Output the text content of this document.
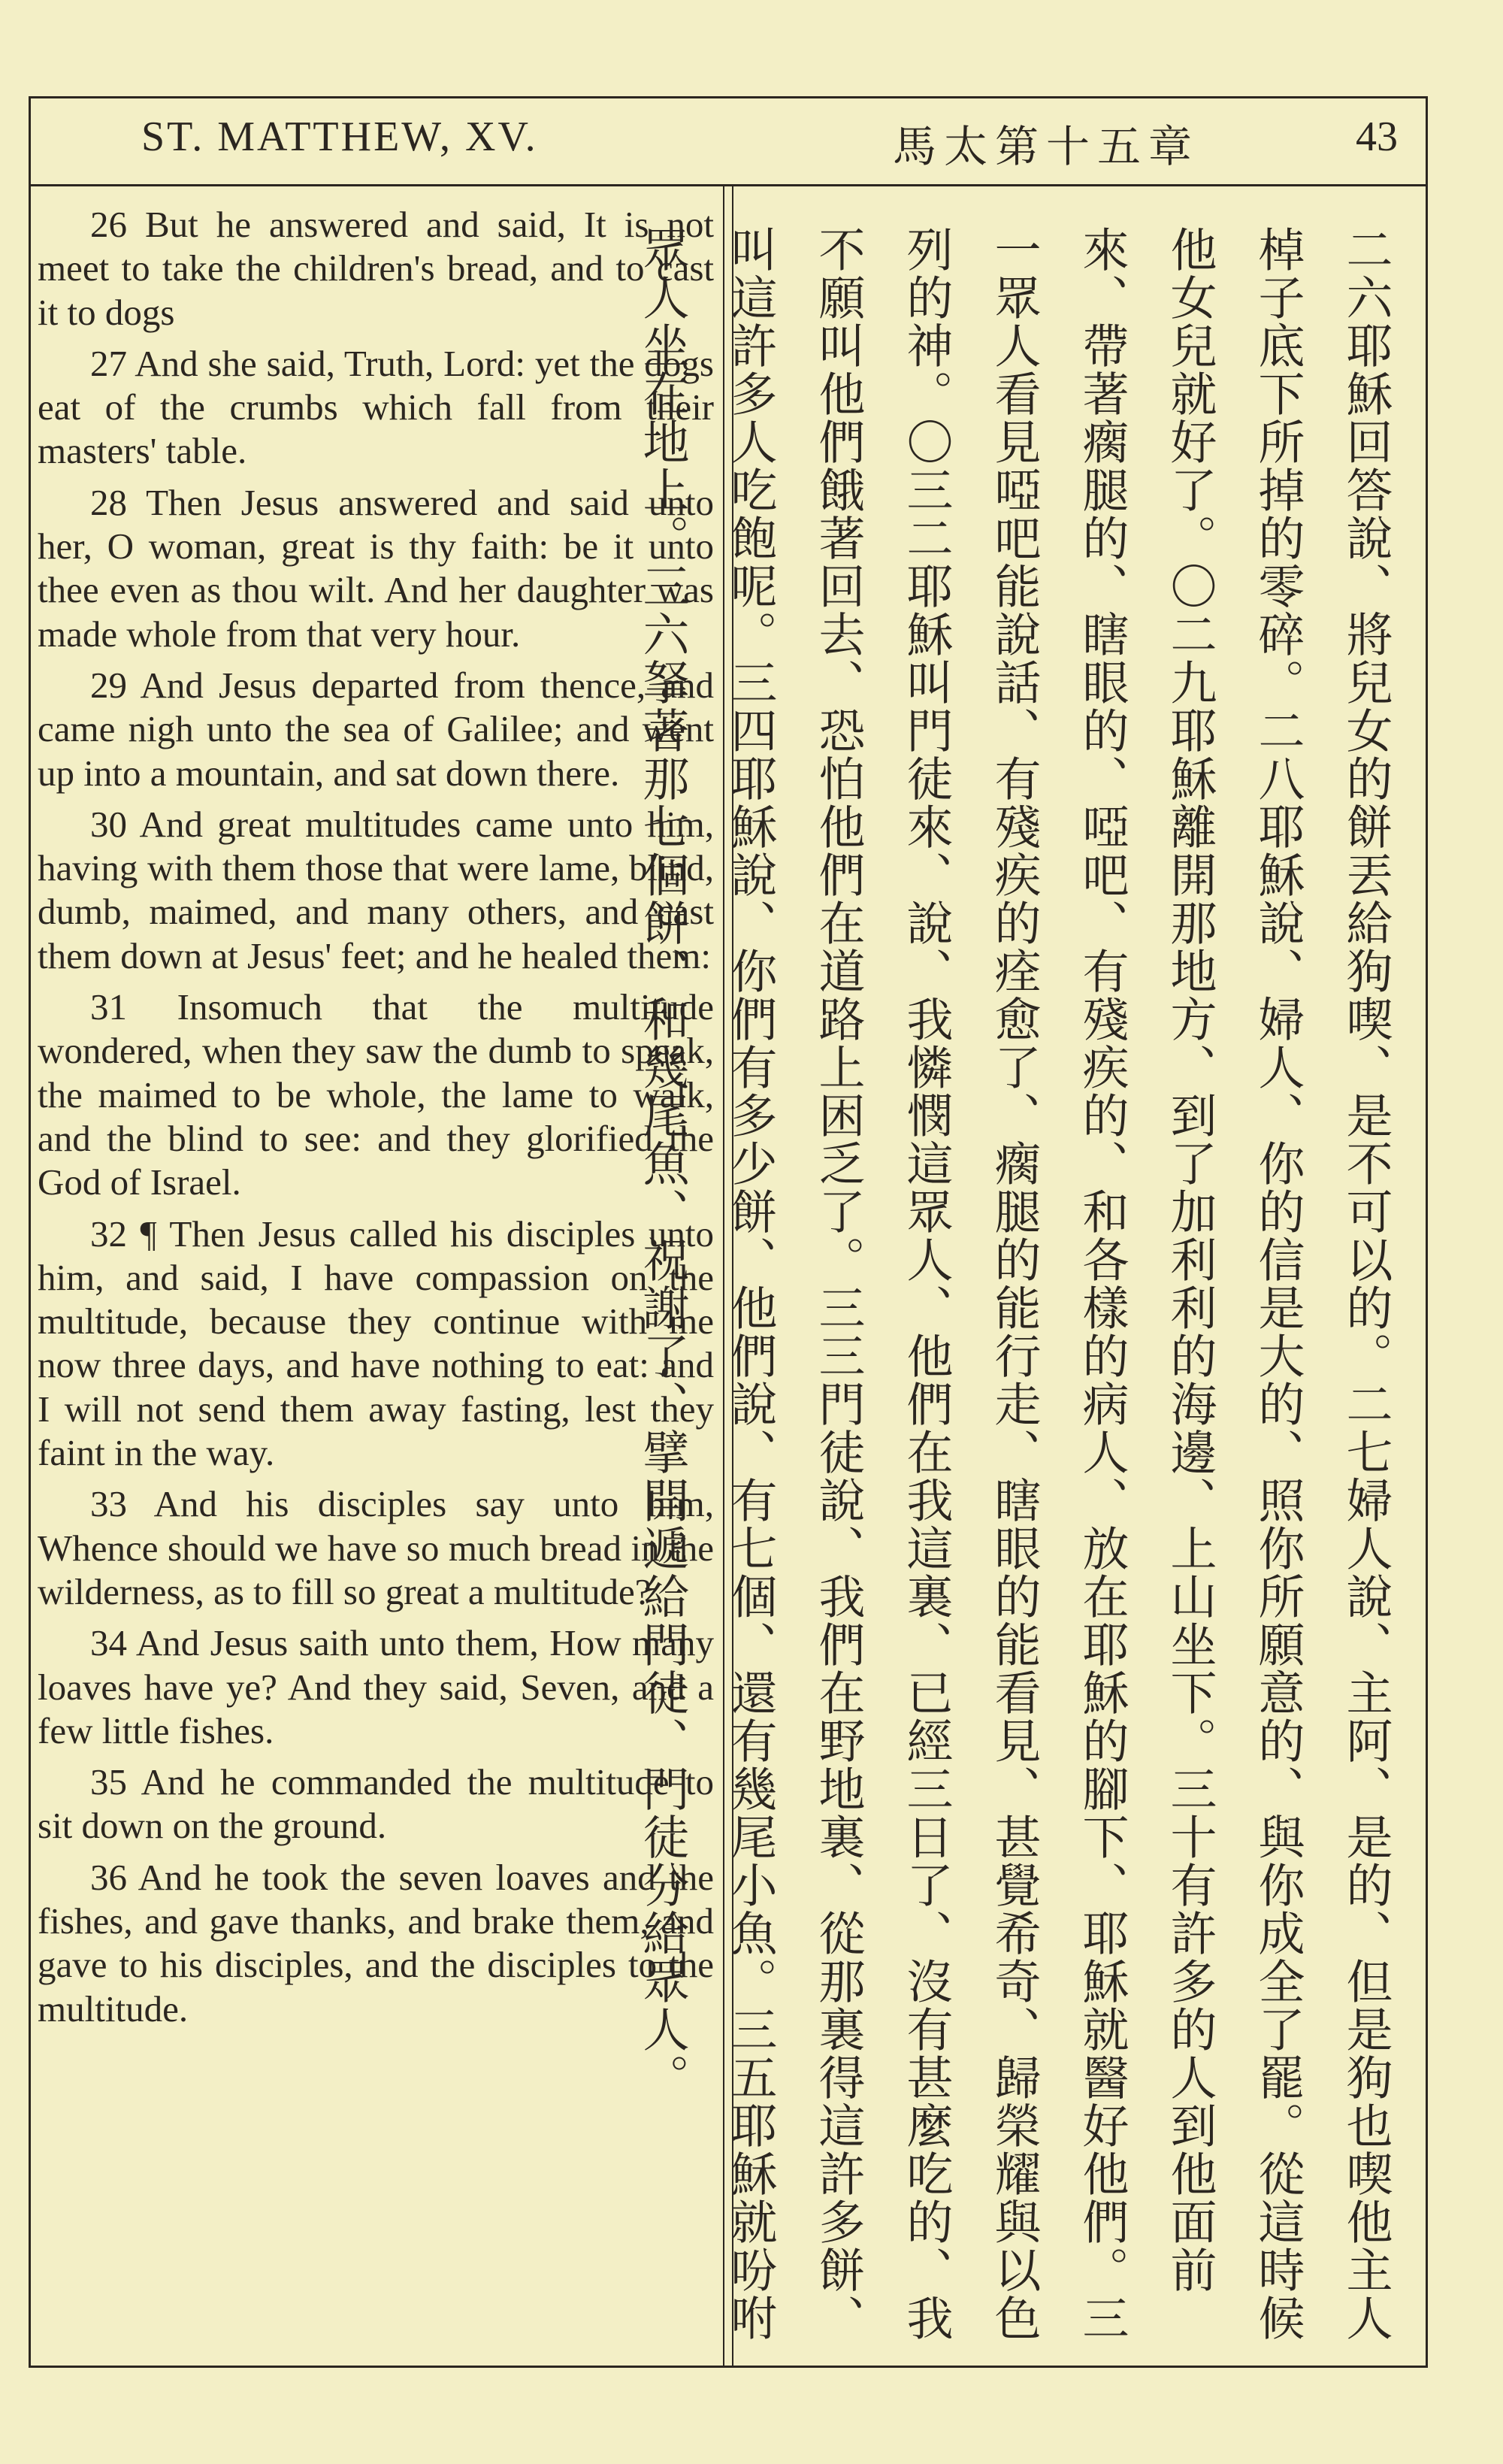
ST. MATTHEW, XV.	馬太第十五章	43

26 But he answered and said, It is not meet to take the children's bread, and to cast it to dogs

27 And she said, Truth, Lord: yet the dogs eat of the crumbs which fall from their masters' table.

28 Then Jesus answered and said unto her, O woman, great is thy faith: be it unto thee even as thou wilt. And her daughter was made whole from that very hour.

29 And Jesus departed from thence, and came nigh unto the sea of Galilee; and went up into a mountain, and sat down there.

30 And great multitudes came unto him, having with them those that were lame, blind, dumb, maimed, and many others, and cast them down at Jesus' feet; and he healed them:

31 Insomuch that the multitude wondered, when they saw the dumb to speak, the maimed to be whole, the lame to walk, and the blind to see: and they glorified the God of Israel.

32 ¶ Then Jesus called his disciples unto him, and said, I have compassion on the multitude, because they continue with me now three days, and have nothing to eat: and I will not send them away fasting, lest they faint in the way.

33 And his disciples say unto him, Whence should we have so much bread in the wilderness, as to fill so great a multitude?

34 And Jesus saith unto them, How many loaves have ye? And they said, Seven, and a few little fishes.

35 And he commanded the multitude to sit down on the ground.

36 And he took the seven loaves and the fishes, and gave thanks, and brake them, and gave to his disciples, and the disciples to the multitude.	二六耶穌回答說、將兒女的餅丟給狗喫、是不可以的。二七婦人說、主阿、是的、但是狗也喫他主人棹子底下所掉的零碎。二八耶穌說、婦人、你的信是大的、照你所願意的、與你成全了罷。從這時候他女兒就好了。〇二九耶穌離開那地方、到了加利利的海邊、上山坐下。三十有許多的人到他面前來、帶著瘸腿的、瞎眼的、啞吧、有殘疾的、和各樣的病人、放在耶穌的腳下、耶穌就醫好他們。三一眾人看見啞吧能說話、有殘疾的痊愈了、瘸腿的能行走、瞎眼的能看見、甚覺希奇、歸榮耀與以色列的神。〇三二耶穌叫門徒來、說、我憐憫這眾人、他們在我這裏、已經三日了、沒有甚麼吃的、我不願叫他們餓著回去、恐怕他們在道路上困乏了。三三門徒說、我們在野地裏、從那裏得這許多餅、叫這許多人吃飽呢。三四耶穌說、你們有多少餅、他們說、有七個、還有幾尾小魚。三五耶穌就吩咐眾人坐在地上。三六拏著那七個餅、和幾尾魚、祝謝了、擘開遞給門徒、門徒分給眾人。
